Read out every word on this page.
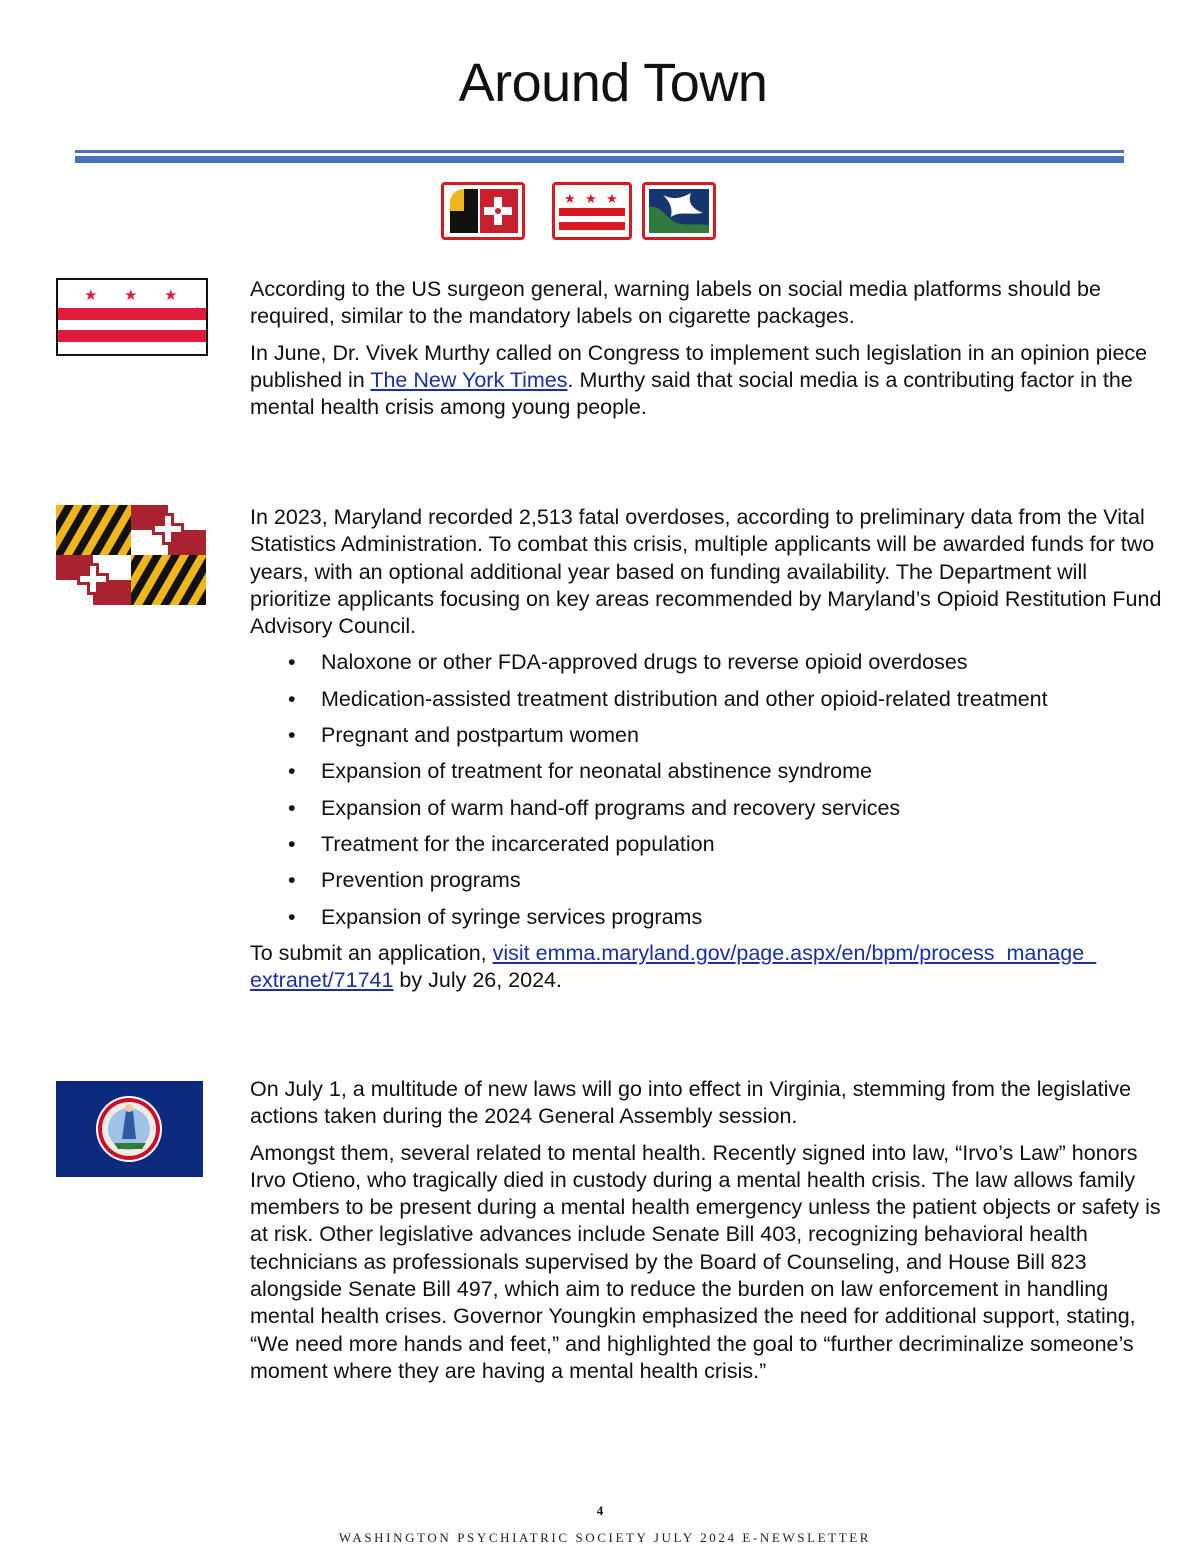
Around Town
★ ★ ★
★ ★ ★	According to the US surgeon general, warning labels on social media platforms should be required, similar to the mandatory labels on cigarette packages.

In June, Dr. Vivek Murthy called on Congress to implement such legislation in an opinion piece published in The New York Times. Murthy said that social media is a contributing factor in the mental health crisis among young people.

In 2023, Maryland recorded 2,513 fatal overdoses, according to preliminary data from the Vital Statistics Administration. To combat this crisis, multiple applicants will be awarded funds for two years, with an optional additional year based on funding availability. The Department will prioritize applicants focusing on key areas recommended by Maryland’s Opioid Restitution Fund Advisory Council.

• Naloxone or other FDA-approved drugs to reverse opioid overdoses
• Medication-assisted treatment distribution and other opioid-related treatment
• Pregnant and postpartum women
• Expansion of treatment for neonatal abstinence syndrome
• Expansion of warm hand-off programs and recovery services
• Treatment for the incarcerated population
• Prevention programs
• Expansion of syringe services programs

To submit an application, visit emma.maryland.gov/page.aspx/en/bpm/process_manage_ extranet/71741 by July 26, 2024.

On July 1, a multitude of new laws will go into effect in Virginia, stemming from the legislative actions taken during the 2024 General Assembly session.

Amongst them, several related to mental health. Recently signed into law, “Irvo’s Law” honors Irvo Otieno, who tragically died in custody during a mental health crisis. The law allows family members to be present during a mental health emergency unless the patient objects or safety is at risk. Other legislative advances include Senate Bill 403, recognizing behavioral health technicians as professionals supervised by the Board of Counseling, and House Bill 823 alongside Senate Bill 497, which aim to reduce the burden on law enforcement in handling mental health crises. Governor Youngkin emphasized the need for additional support, stating, “We need more hands and feet,” and highlighted the goal to “further decriminalize someone’s moment where they are having a mental health crisis.”

4
WASHINGTON PSYCHIATRIC SOCIETY JULY 2024 E-NEWSLETTER
